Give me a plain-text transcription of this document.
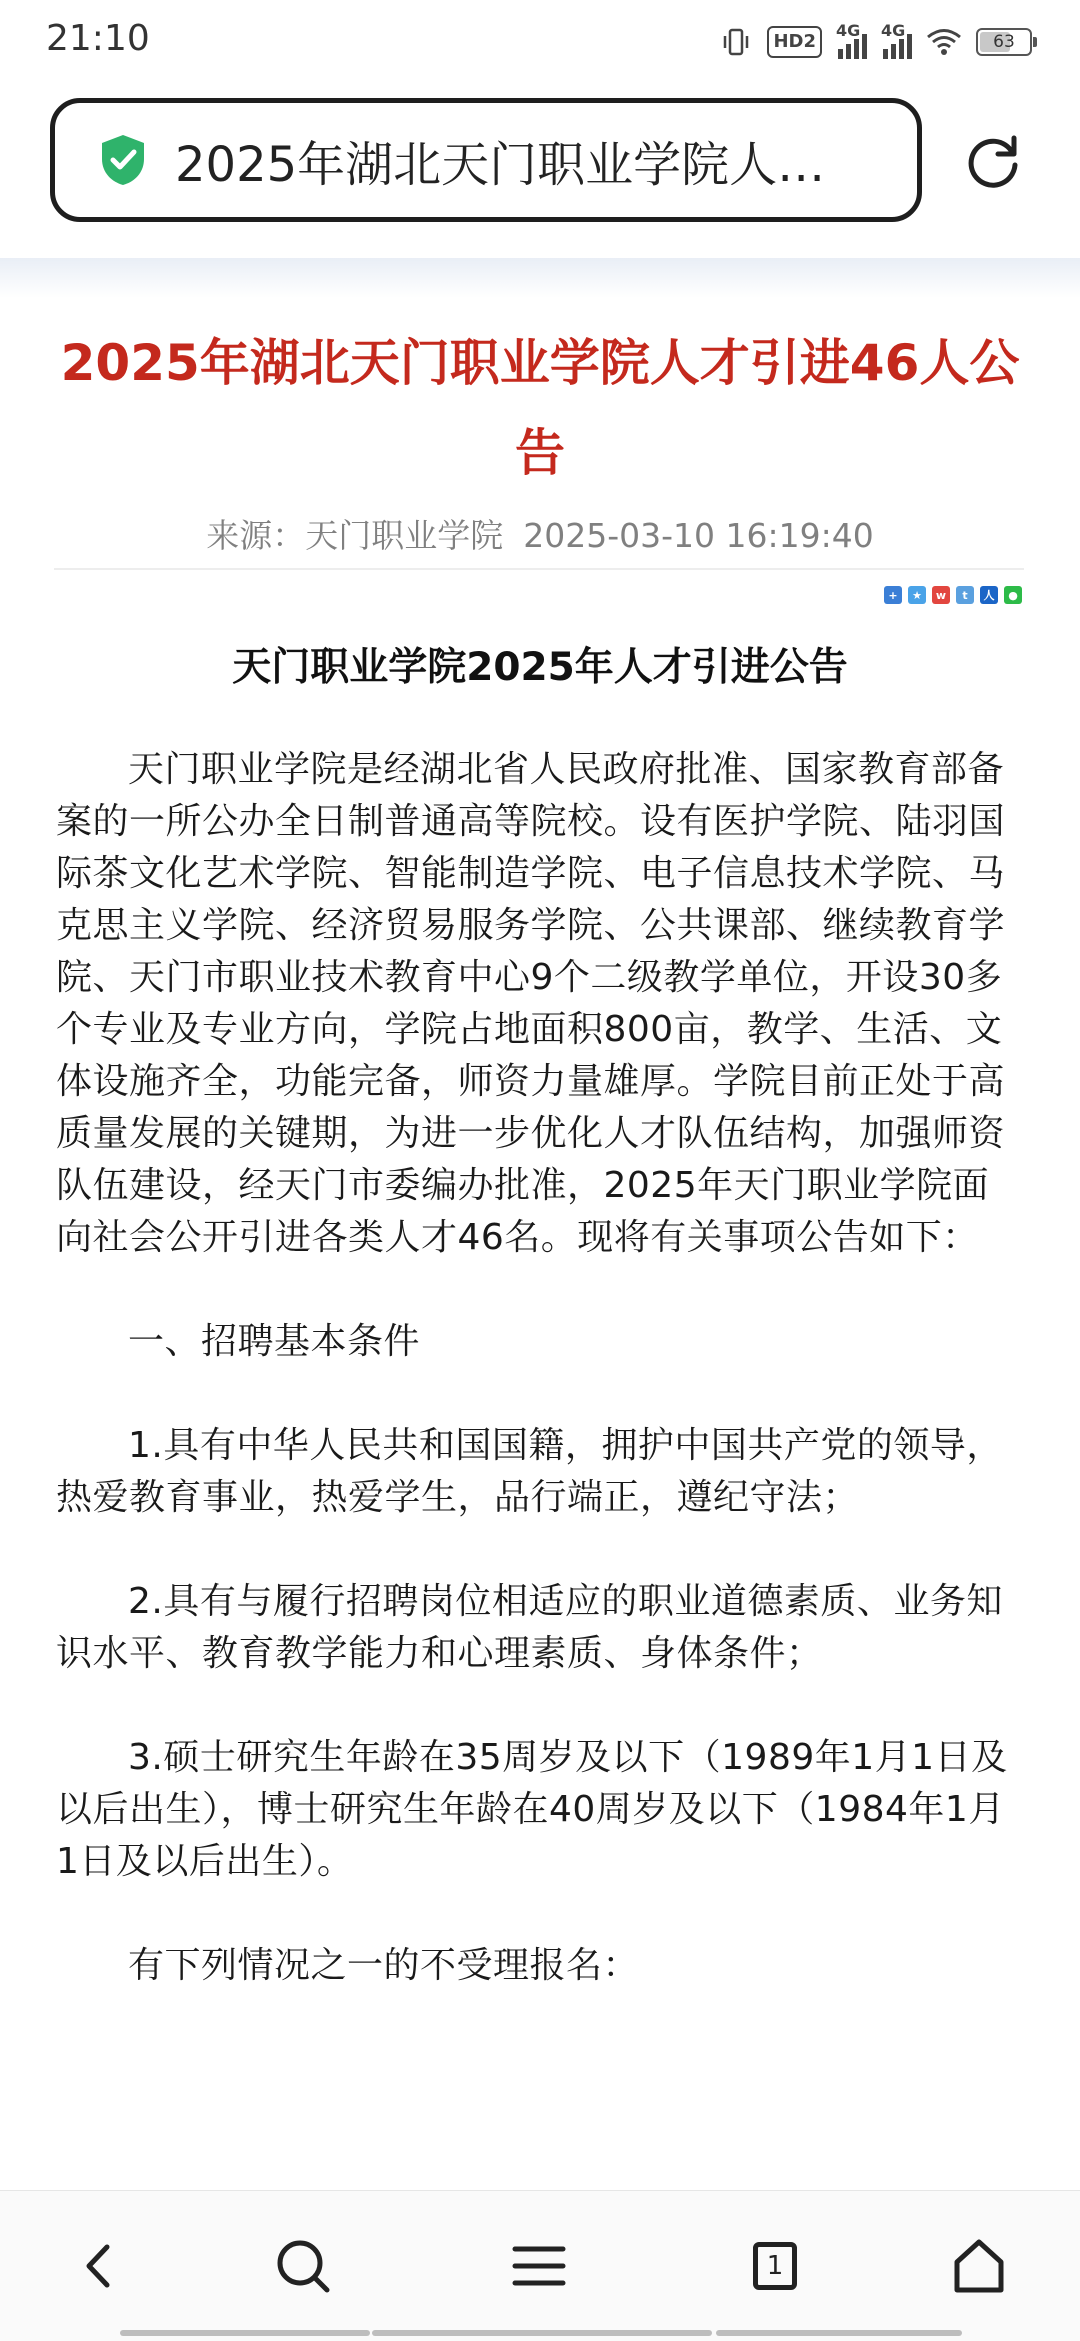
21:10	HD2
4G 4G
63
2025年湖北天门职业学院人…
2025年湖北天门职业学院人才引进46人公告
来源：天门职业学院 2025-03-10 16:19:40
+	★	w	t	人	●
天门职业学院2025年人才引进公告

天门职业学院是经湖北省人民政府批准、国家教育部备案的一所公办全日制普通高等院校。设有医护学院、陆羽国际茶文化艺术学院、智能制造学院、电子信息技术学院、马克思主义学院、经济贸易服务学院、公共课部、继续教育学院、天门市职业技术教育中心9个二级教学单位，开设30多个专业及专业方向，学院占地面积800亩，教学、生活、文体设施齐全，功能完备，师资力量雄厚。学院目前正处于高质量发展的关键期，为进一步优化人才队伍结构，加强师资队伍建设，经天门市委编办批准，2025年天门职业学院面向社会公开引进各类人才46名。现将有关事项公告如下：

一、招聘基本条件

1.具有中华人民共和国国籍，拥护中国共产党的领导，热爱教育事业，热爱学生，品行端正，遵纪守法；

2.具有与履行招聘岗位相适应的职业道德素质、业务知识水平、教育教学能力和心理素质、身体条件；

3.硕士研究生年龄在35周岁及以下（1989年1月1日及以后出生），博士研究生年龄在40周岁及以下（1984年1月1日及以后出生）。

有下列情况之一的不受理报名：

1
